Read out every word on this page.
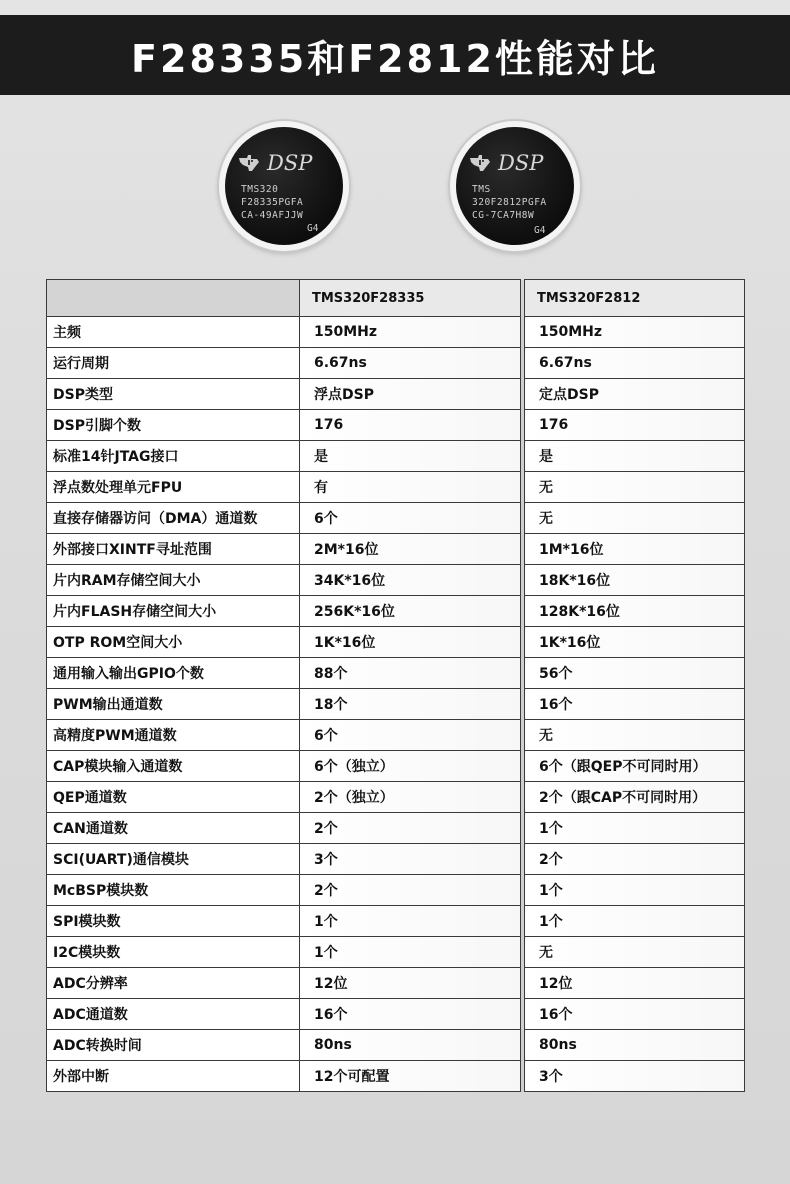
F28335和F2812性能对比
DSP
TMS320
F28335PGFA
CA-49AFJJW
G4
DSP
TMS
320F2812PGFA
CG-7CA7H8W
G4
	TMS320F28335		TMS320F2812
主频	150MHz		150MHz
运行周期	6.67ns		6.67ns
DSP类型	浮点DSP		定点DSP
DSP引脚个数	176		176
标准14针JTAG接口	是		是
浮点数处理单元FPU	有		无
直接存储器访问（DMA）通道数	6个		无
外部接口XINTF寻址范围	2M*16位		1M*16位
片内RAM存储空间大小	34K*16位		18K*16位
片内FLASH存储空间大小	256K*16位		128K*16位
OTP ROM空间大小	1K*16位		1K*16位
通用输入输出GPIO个数	88个		56个
PWM输出通道数	18个		16个
高精度PWM通道数	6个		无
CAP模块输入通道数	6个（独立）		6个（跟QEP不可同时用）
QEP通道数	2个（独立）		2个（跟CAP不可同时用）
CAN通道数	2个		1个
SCI(UART)通信模块	3个		2个
McBSP模块数	2个		1个
SPI模块数	1个		1个
I2C模块数	1个		无
ADC分辨率	12位		12位
ADC通道数	16个		16个
ADC转换时间	80ns		80ns
外部中断	12个可配置		3个
